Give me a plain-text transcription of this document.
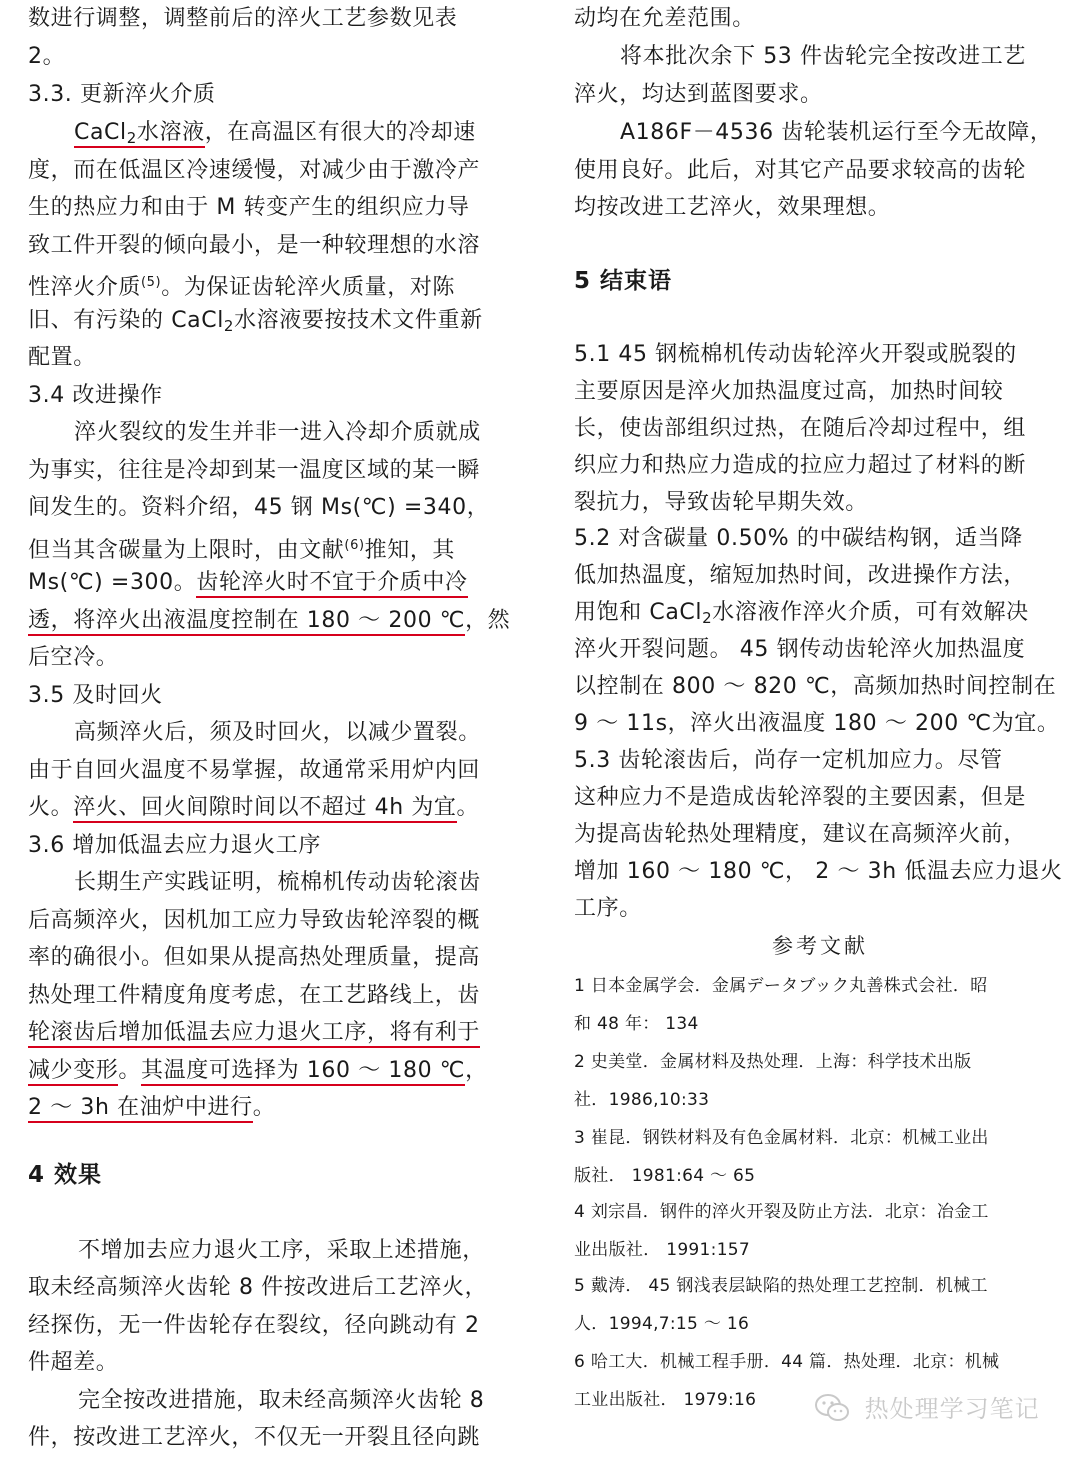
数进行调整，调整前后的淬火工艺参数见表
2。
3.3. 更新淬火介质
CaCl$_2$水溶液，在高温区有很大的冷却速
度，而在低温区冷速缓慢，对减少由于激冷产
生的热应力和由于 M 转变产生的组织应力导
致工件开裂的倾向最小，是一种较理想的水溶
性淬火介质$^{(5)}$。为保证齿轮淬火质量，对陈
旧、有污染的 CaCl$_2$水溶液要按技术文件重新
配置。
3.4 改进操作
淬火裂纹的发生并非一进入冷却介质就成
为事实，往往是冷却到某一温度区域的某一瞬
间发生的。资料介绍，45 钢 Ms(℃) =340，
但当其含碳量为上限时，由文献$^{(6)}$推知，其
Ms(℃) =300。齿轮淬火时不宜于介质中冷
透，将淬火出液温度控制在 180 ～ 200 ℃，然
后空冷。
3.5 及时回火
高频淬火后，须及时回火，以减少置裂。
由于自回火温度不易掌握，故通常采用炉内回
火。淬火、回火间隙时间以不超过 4h 为宜。
3.6 增加低温去应力退火工序
长期生产实践证明，梳棉机传动齿轮滚齿
后高频淬火，因机加工应力导致齿轮淬裂的概
率的确很小。但如果从提高热处理质量，提高
热处理工件精度角度考虑，在工艺路线上，齿
轮滚齿后增加低温去应力退火工序，将有利于
减少变形。其温度可选择为 160 ～ 180 ℃，
2 ～ 3h 在油炉中进行。
4 效果
不增加去应力退火工序，采取上述措施，
取未经高频淬火齿轮 8 件按改进后工艺淬火，
经探伤，无一件齿轮存在裂纹，径向跳动有 2
件超差。
完全按改进措施，取未经高频淬火齿轮 8
件，按改进工艺淬火，不仅无一开裂且径向跳
动均在允差范围。
将本批次余下 53 件齿轮完全按改进工艺
淬火，均达到蓝图要求。
A186F－4536 齿轮装机运行至今无故障，
使用良好。此后，对其它产品要求较高的齿轮
均按改进工艺淬火，效果理想。
5 结束语
5.1 45 钢梳棉机传动齿轮淬火开裂或脱裂的
主要原因是淬火加热温度过高，加热时间较
长，使齿部组织过热，在随后冷却过程中，组
织应力和热应力造成的拉应力超过了材料的断
裂抗力，导致齿轮早期失效。
5.2 对含碳量 0.50% 的中碳结构钢，适当降
低加热温度，缩短加热时间，改进操作方法，
用饱和 CaCl$_2$水溶液作淬火介质，可有效解决
淬火开裂问题。 45 钢传动齿轮淬火加热温度
以控制在 800 ～ 820 ℃，高频加热时间控制在
9 ～ 11s，淬火出液温度 180 ～ 200 ℃为宜。
5.3 齿轮滚齿后，尚存一定机加应力。尽管
这种应力不是造成齿轮淬裂的主要因素，但是
为提高齿轮热处理精度，建议在高频淬火前，
增加 160 ～ 180 ℃， 2 ～ 3h 低温去应力退火
工序。
参考文献
1 日本金属学会．金属データブック丸善株式会社．昭
和 48 年： 134
2 史美堂．金属材料及热处理．上海：科学技术出版
社．1986,10:33
3 崔昆．钢铁材料及有色金属材料．北京：机械工业出
版社． 1981:64 ～ 65
4 刘宗昌．钢件的淬火开裂及防止方法．北京：冶金工
业出版社． 1991:157
5 戴涛． 45 钢浅表层缺陷的热处理工艺控制．机械工
人．1994,7:15 ～ 16
6 哈工大．机械工程手册．44 篇．热处理．北京：机械
工业出版社． 1979:16	热处理学习笔记
